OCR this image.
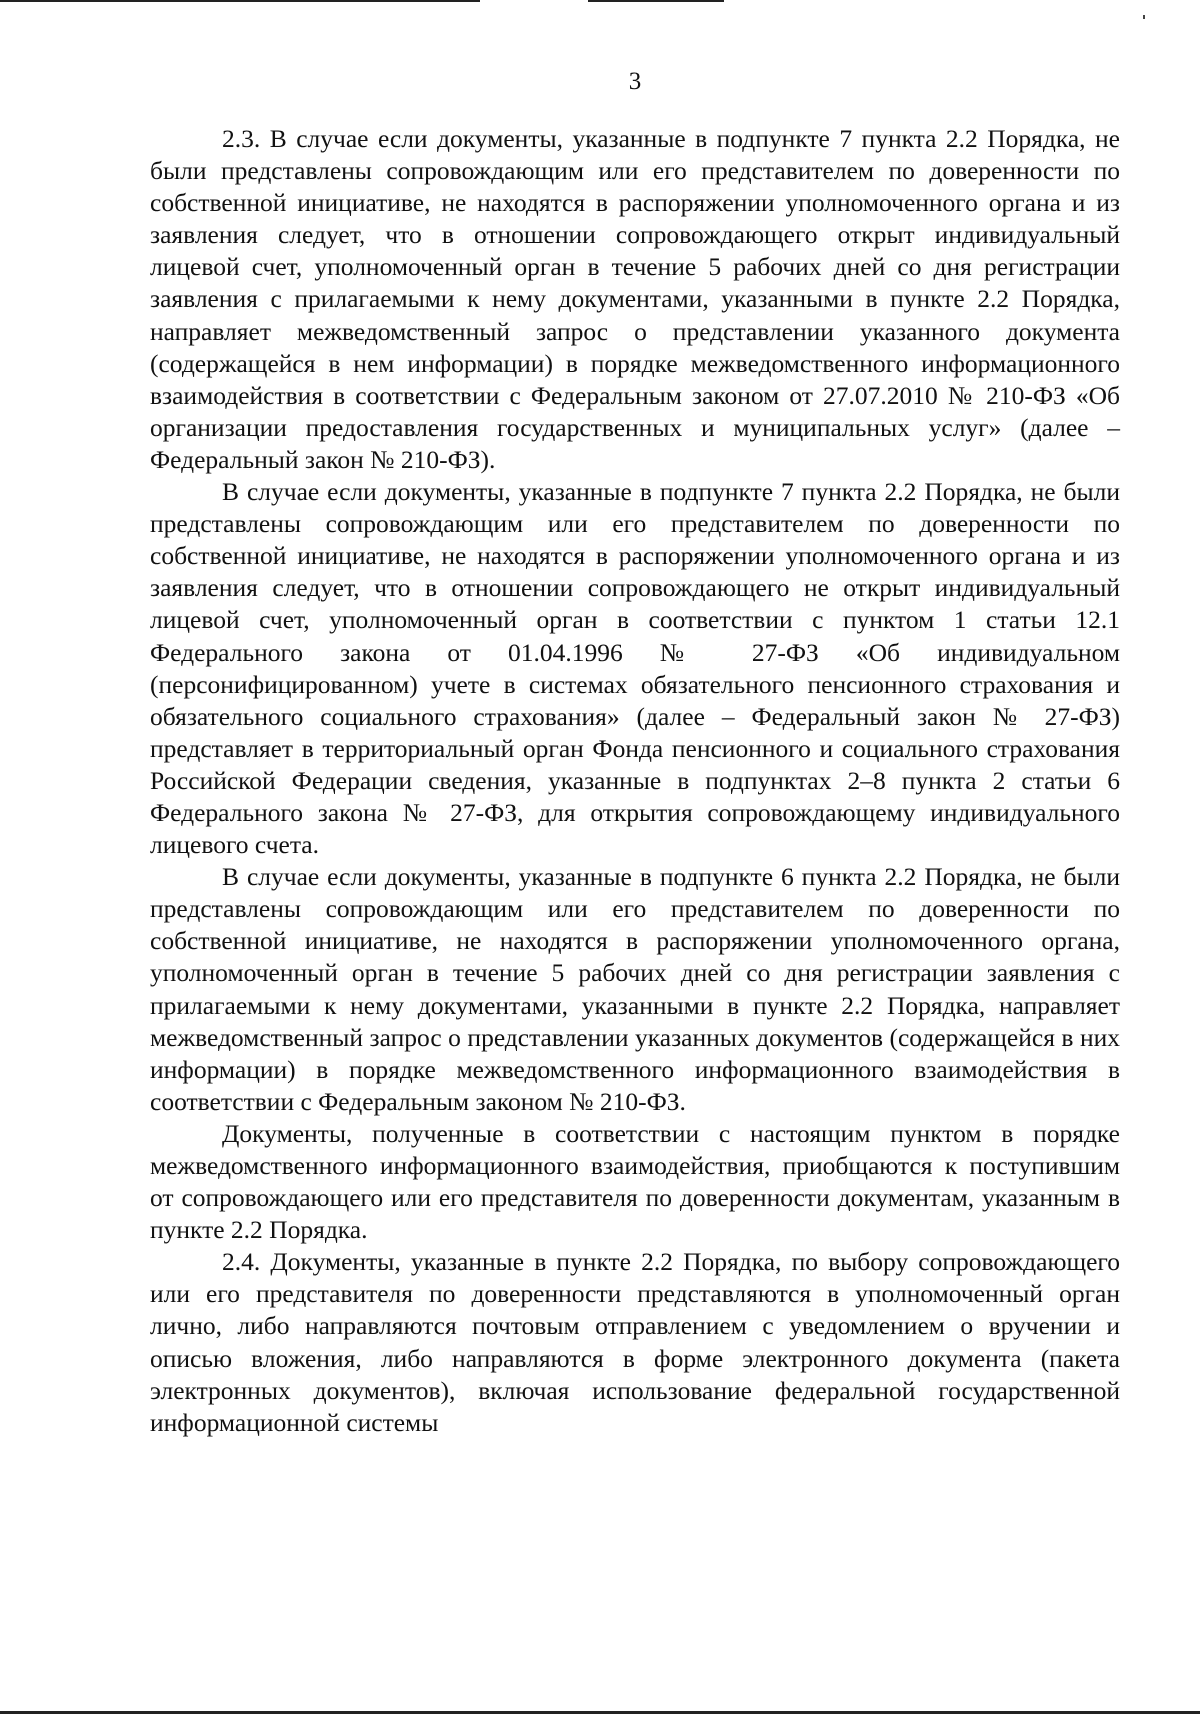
3

2.3. В случае если документы, указанные в подпункте 7 пункта 2.2 Порядка, не были представлены сопровождающим или его представителем по доверенности по собственной инициативе, не находятся в распоряжении уполномоченного органа и из заявления следует, что в отношении сопровождающего открыт индивидуальный лицевой счет, уполномоченный орган в течение 5 рабочих дней со дня регистрации заявления с прилагаемыми к нему документами, указанными в пункте 2.2 Порядка, направляет межведомственный запрос о представлении указанного документа (содержащейся в нем информации) в порядке межведомственного информационного взаимодействия в соответствии с Федеральным законом от 27.07.2010 № 210-ФЗ «Об организации предоставления государственных и муниципальных услуг» (далее – Федеральный закон № 210-ФЗ).

В случае если документы, указанные в подпункте 7 пункта 2.2 Порядка, не были представлены сопровождающим или его представителем по доверенности по собственной инициативе, не находятся в распоряжении уполномоченного органа и из заявления следует, что в отношении сопровождающего не открыт индивидуальный лицевой счет, уполномоченный орган в соответствии с пунктом 1 статьи 12.1 Федерального закона от 01.04.1996 № 27-ФЗ «Об индивидуальном (персонифицированном) учете в системах обязательного пенсионного страхования и обязательного социального страхования» (далее – Федеральный закон № 27-ФЗ) представляет в территориальный орган Фонда пенсионного и социального страхования Российской Федерации сведения, указанные в подпунктах 2–8 пункта 2 статьи 6 Федерального закона № 27-ФЗ, для открытия сопровождающему индивидуального лицевого счета.

В случае если документы, указанные в подпункте 6 пункта 2.2 Порядка, не были представлены сопровождающим или его представителем по доверенности по собственной инициативе, не находятся в распоряжении уполномоченного органа, уполномоченный орган в течение 5 рабочих дней со дня регистрации заявления с прилагаемыми к нему документами, указанными в пункте 2.2 Порядка, направляет межведомственный запрос о представлении указанных документов (содержащейся в них информации) в порядке межведомственного информационного взаимодействия в соответствии с Федеральным законом № 210-ФЗ.

Документы, полученные в соответствии с настоящим пунктом в порядке межведомственного информационного взаимодействия, приобщаются к поступившим от сопровождающего или его представителя по доверенности документам, указанным в пункте 2.2 Порядка.

2.4. Документы, указанные в пункте 2.2 Порядка, по выбору сопровождающего или его представителя по доверенности представляются в уполномоченный орган лично, либо направляются почтовым отправлением с уведомлением о вручении и описью вложения, либо направляются в форме электронного документа (пакета электронных документов), включая использование федеральной государственной информационной системы
